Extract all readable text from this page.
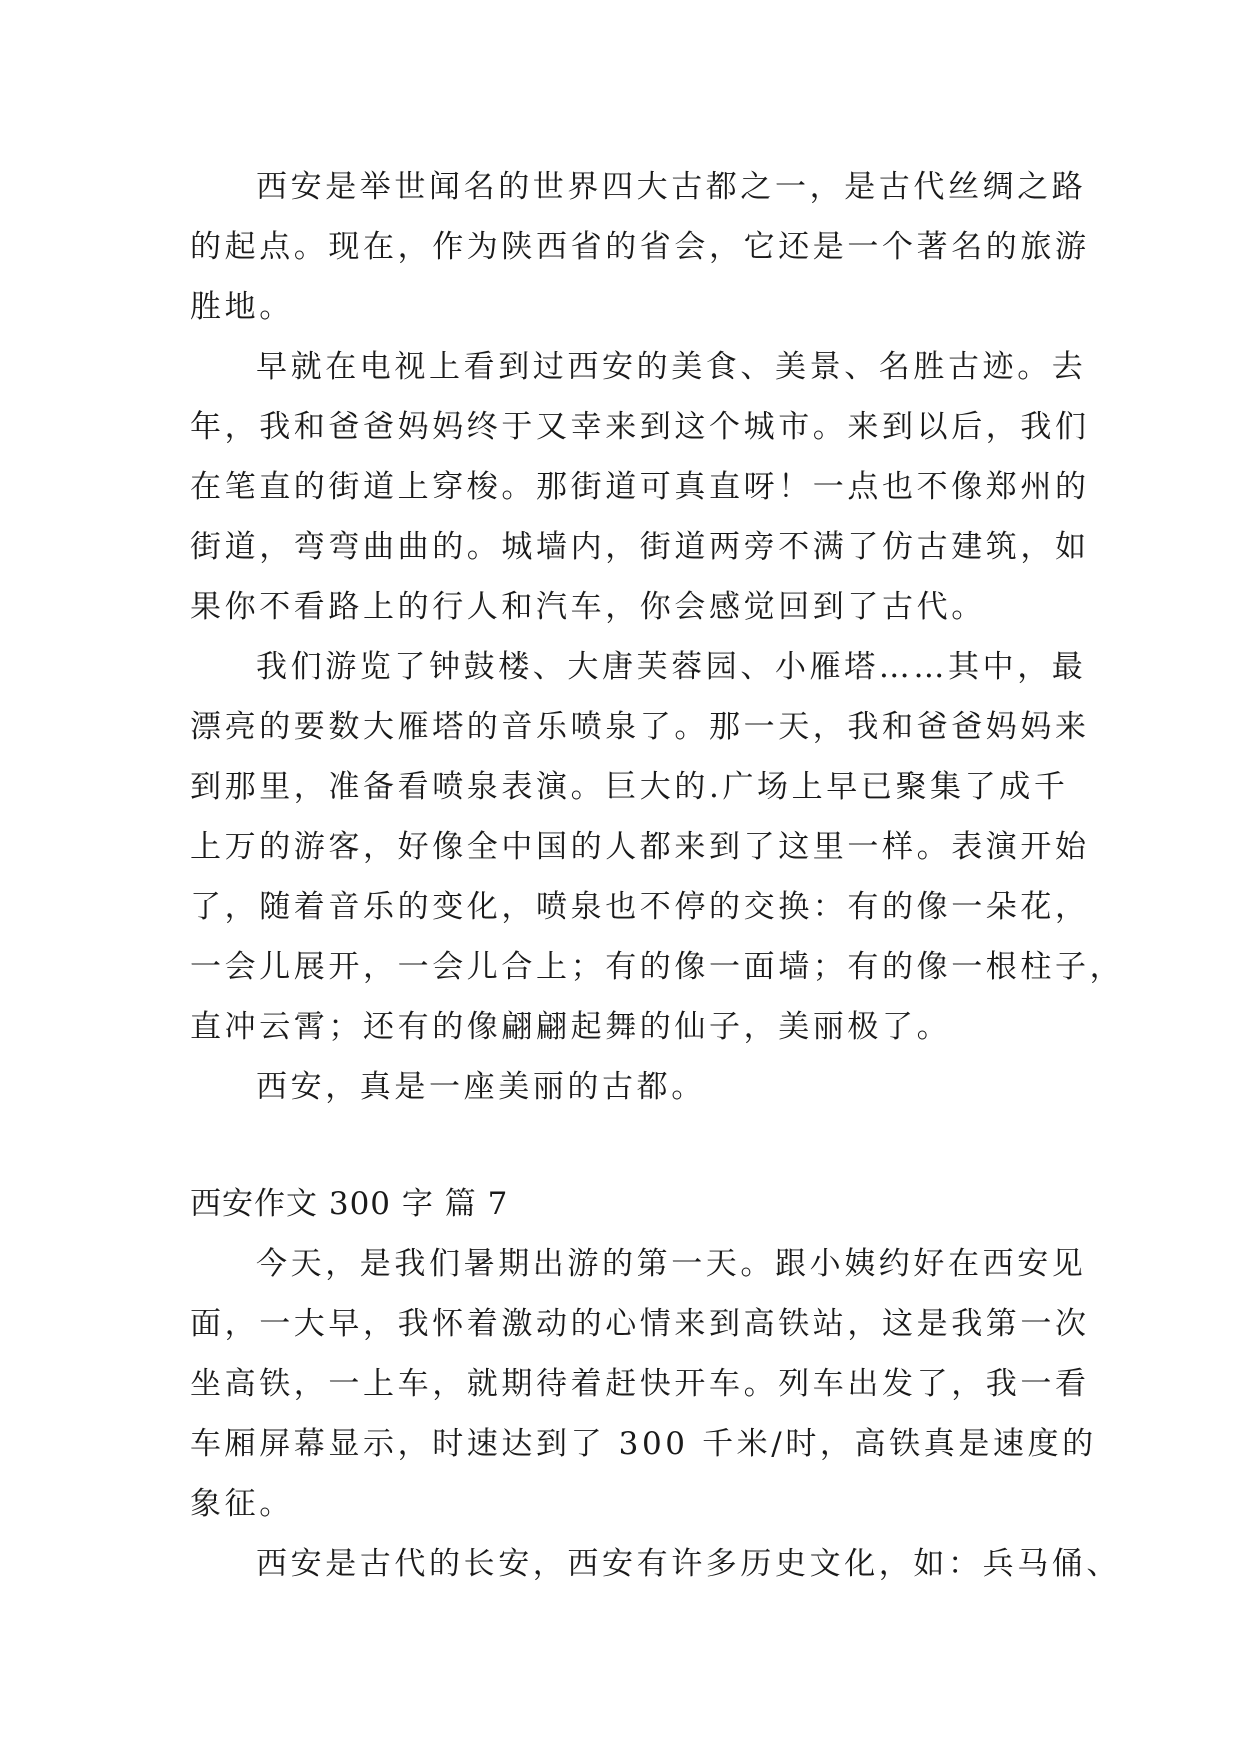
西安是举世闻名的世界四大古都之一，是古代丝绸之路
的起点。现在，作为陕西省的省会，它还是一个著名的旅游
胜地。
早就在电视上看到过西安的美食、美景、名胜古迹。去
年，我和爸爸妈妈终于又幸来到这个城市。来到以后，我们
在笔直的街道上穿梭。那街道可真直呀！一点也不像郑州的
街道，弯弯曲曲的。城墙内，街道两旁不满了仿古建筑，如
果你不看路上的行人和汽车，你会感觉回到了古代。
我们游览了钟鼓楼、大唐芙蓉园、小雁塔……其中，最
漂亮的要数大雁塔的音乐喷泉了。那一天，我和爸爸妈妈来
到那里，准备看喷泉表演。巨大的.广场上早已聚集了成千
上万的游客，好像全中国的人都来到了这里一样。表演开始
了，随着音乐的变化，喷泉也不停的交换：有的像一朵花，
一会儿展开，一会儿合上；有的像一面墙；有的像一根柱子，
直冲云霄；还有的像翩翩起舞的仙子，美丽极了。
西安，真是一座美丽的古都。
西安作文 300 字 篇 7
今天，是我们暑期出游的第一天。跟小姨约好在西安见
面，一大早，我怀着激动的心情来到高铁站，这是我第一次
坐高铁，一上车，就期待着赶快开车。列车出发了，我一看
车厢屏幕显示，时速达到了 300 千米/时，高铁真是速度的
象征。
西安是古代的长安，西安有许多历史文化，如：兵马俑、
